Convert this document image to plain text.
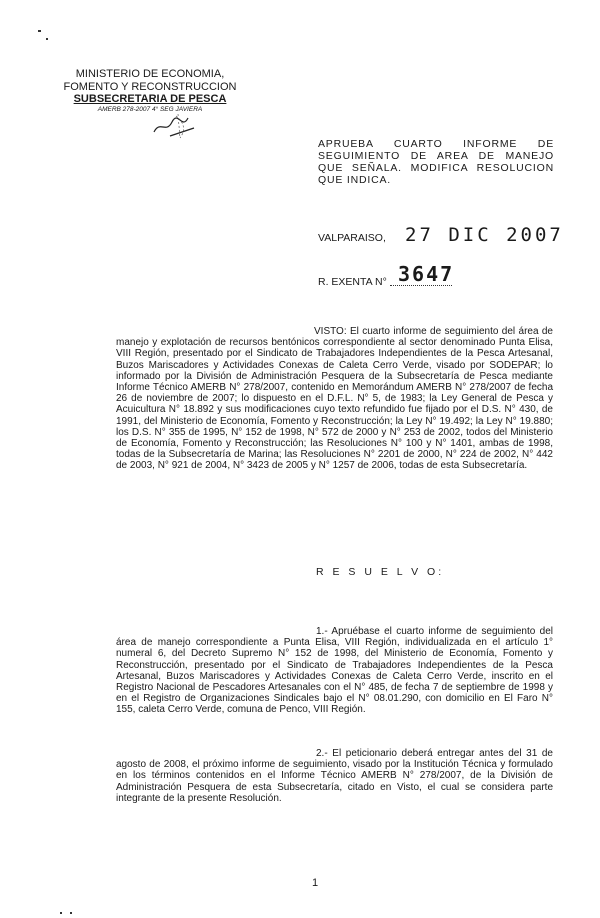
MINISTERIO DE ECONOMIA,
FOMENTO Y RECONSTRUCCION
SUBSECRETARIA DE PESCA
AMERB 278-2007 4° SEG JAVIERA
APRUEBA CUARTO INFORME DE SEGUIMIENTO DE AREA DE MANEJO QUE SEÑALA. MODIFICA RESOLUCION QUE INDICA.
VALPARAISO, 27 DIC 2007
R. EXENTA N° 3647
VISTO: El cuarto informe de seguimiento del área de manejo y explotación de recursos bentónicos correspondiente al sector denominado Punta Elisa, VIII Región, presentado por el Sindicato de Trabajadores Independientes de la Pesca Artesanal, Buzos Mariscadores y Actividades Conexas de Caleta Cerro Verde, visado por SODEPAR; lo informado por la División de Administración Pesquera de la Subsecretaría de Pesca mediante Informe Técnico AMERB N° 278/2007, contenido en Memorándum AMERB N° 278/2007 de fecha 26 de noviembre de 2007; lo dispuesto en el D.F.L. N° 5, de 1983; la Ley General de Pesca y Acuicultura N° 18.892 y sus modificaciones cuyo texto refundido fue fijado por el D.S. N° 430, de 1991, del Ministerio de Economía, Fomento y Reconstrucción; la Ley N° 19.492; la Ley N° 19.880; los D.S. N° 355 de 1995, N° 152 de 1998, N° 572 de 2000 y N° 253 de 2002, todos del Ministerio de Economía, Fomento y Reconstrucción; las Resoluciones N° 100 y N° 1401, ambas de 1998, todas de la Subsecretaría de Marina; las Resoluciones N° 2201 de 2000, N° 224 de 2002, N° 442 de 2003, N° 921 de 2004, N° 3423 de 2005 y N° 1257 de 2006, todas de esta Subsecretaría.
R E S U E L V O:
1.- Apruébase el cuarto informe de seguimiento del área de manejo correspondiente a Punta Elisa, VIII Región, individualizada en el artículo 1° numeral 6, del Decreto Supremo N° 152 de 1998, del Ministerio de Economía, Fomento y Reconstrucción, presentado por el Sindicato de Trabajadores Independientes de la Pesca Artesanal, Buzos Mariscadores y Actividades Conexas de Caleta Cerro Verde, inscrito en el Registro Nacional de Pescadores Artesanales con el N° 485, de fecha 7 de septiembre de 1998 y en el Registro de Organizaciones Sindicales bajo el N° 08.01.290, con domicilio en El Faro N° 155, caleta Cerro Verde, comuna de Penco, VIII Región.
2.- El peticionario deberá entregar antes del 31 de agosto de 2008, el próximo informe de seguimiento, visado por la Institución Técnica y formulado en los términos contenidos en el Informe Técnico AMERB N° 278/2007, de la División de Administración Pesquera de esta Subsecretaría, citado en Visto, el cual se considera parte integrante de la presente Resolución.
1
